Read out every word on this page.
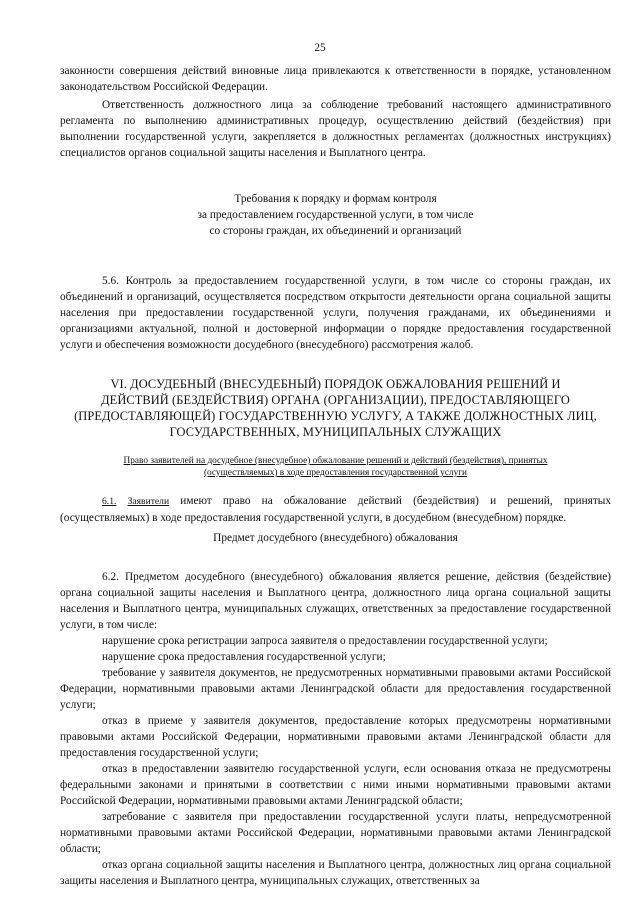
25

законности совершения действий виновные лица привлекаются к ответственности в порядке, установленном законодательством Российской Федерации.

Ответственность должностного лица за соблюдение требований настоящего административного регламента по выполнению административных процедур, осуществлению действий (бездействия) при выполнении государственной услуги, закрепляется в должностных регламентах (должностных инструкциях) специалистов органов социальной защиты населения и Выплатного центра.

Требования к порядку и формам контроля
за предоставлением государственной услуги, в том числе
со стороны граждан, их объединений и организаций

5.6. Контроль за предоставлением государственной услуги, в том числе со стороны граждан, их объединений и организаций, осуществляется посредством открытости деятельности органа социальной защиты населения при предоставлении государственной услуги, получения гражданами, их объединениями и организациями актуальной, полной и достоверной информации о порядке предоставления государственной услуги и обеспечения возможности досудебного (внесудебного) рассмотрения жалоб.

VI. ДОСУДЕБНЫЙ (ВНЕСУДЕБНЫЙ) ПОРЯДОК ОБЖАЛОВАНИЯ РЕШЕНИЙ И
ДЕЙСТВИЙ (БЕЗДЕЙСТВИЯ) ОРГАНА (ОРГАНИЗАЦИИ), ПРЕДОСТАВЛЯЮЩЕГО
(ПРЕДОСТАВЛЯЮЩЕЙ) ГОСУДАРСТВЕННУЮ УСЛУГУ, А ТАКЖЕ ДОЛЖНОСТНЫХ ЛИЦ,
ГОСУДАРСТВЕННЫХ, МУНИЦИПАЛЬНЫХ СЛУЖАЩИХ
Право заявителей на досудебное (внесудебное) обжалование решений и действий (бездействия), принятых
(осуществляемых) в ходе предоставления государственной услуги

6.1. Заявители имеют право на обжалование действий (бездействия) и решений, принятых (осуществляемых) в ходе предоставления государственной услуги, в досудебном (внесудебном) порядке.

Предмет досудебного (внесудебного) обжалования

6.2. Предметом досудебного (внесудебного) обжалования является решение, действия (бездействие) органа социальной защиты населения и Выплатного центра, должностного лица органа социальной защиты населения и Выплатного центра, муниципальных служащих, ответственных за предоставление государственной услуги, в том числе:

нарушение срока регистрации запроса заявителя о предоставлении государственной услуги;

нарушение срока предоставления государственной услуги;

требование у заявителя документов, не предусмотренных нормативными правовыми актами Российской Федерации, нормативными правовыми актами Ленинградской области для предоставления государственной услуги;

отказ в приеме у заявителя документов, предоставление которых предусмотрены нормативными правовыми актами Российской Федерации, нормативными правовыми актами Ленинградской области для предоставления государственной услуги;

отказ в предоставлении заявителю государственной услуги, если основания отказа не предусмотрены федеральными законами и принятыми в соответствии с ними иными нормативными правовыми актами Российской Федерации, нормативными правовыми актами Ленинградской области;

затребование с заявителя при предоставлении государственной услуги платы, непредусмотренной нормативными правовыми актами Российской Федерации, нормативными правовыми актами Ленинградской области;

отказ органа социальной защиты населения и Выплатного центра, должностных лиц органа социальной защиты населения и Выплатного центра, муниципальных служащих, ответственных за
